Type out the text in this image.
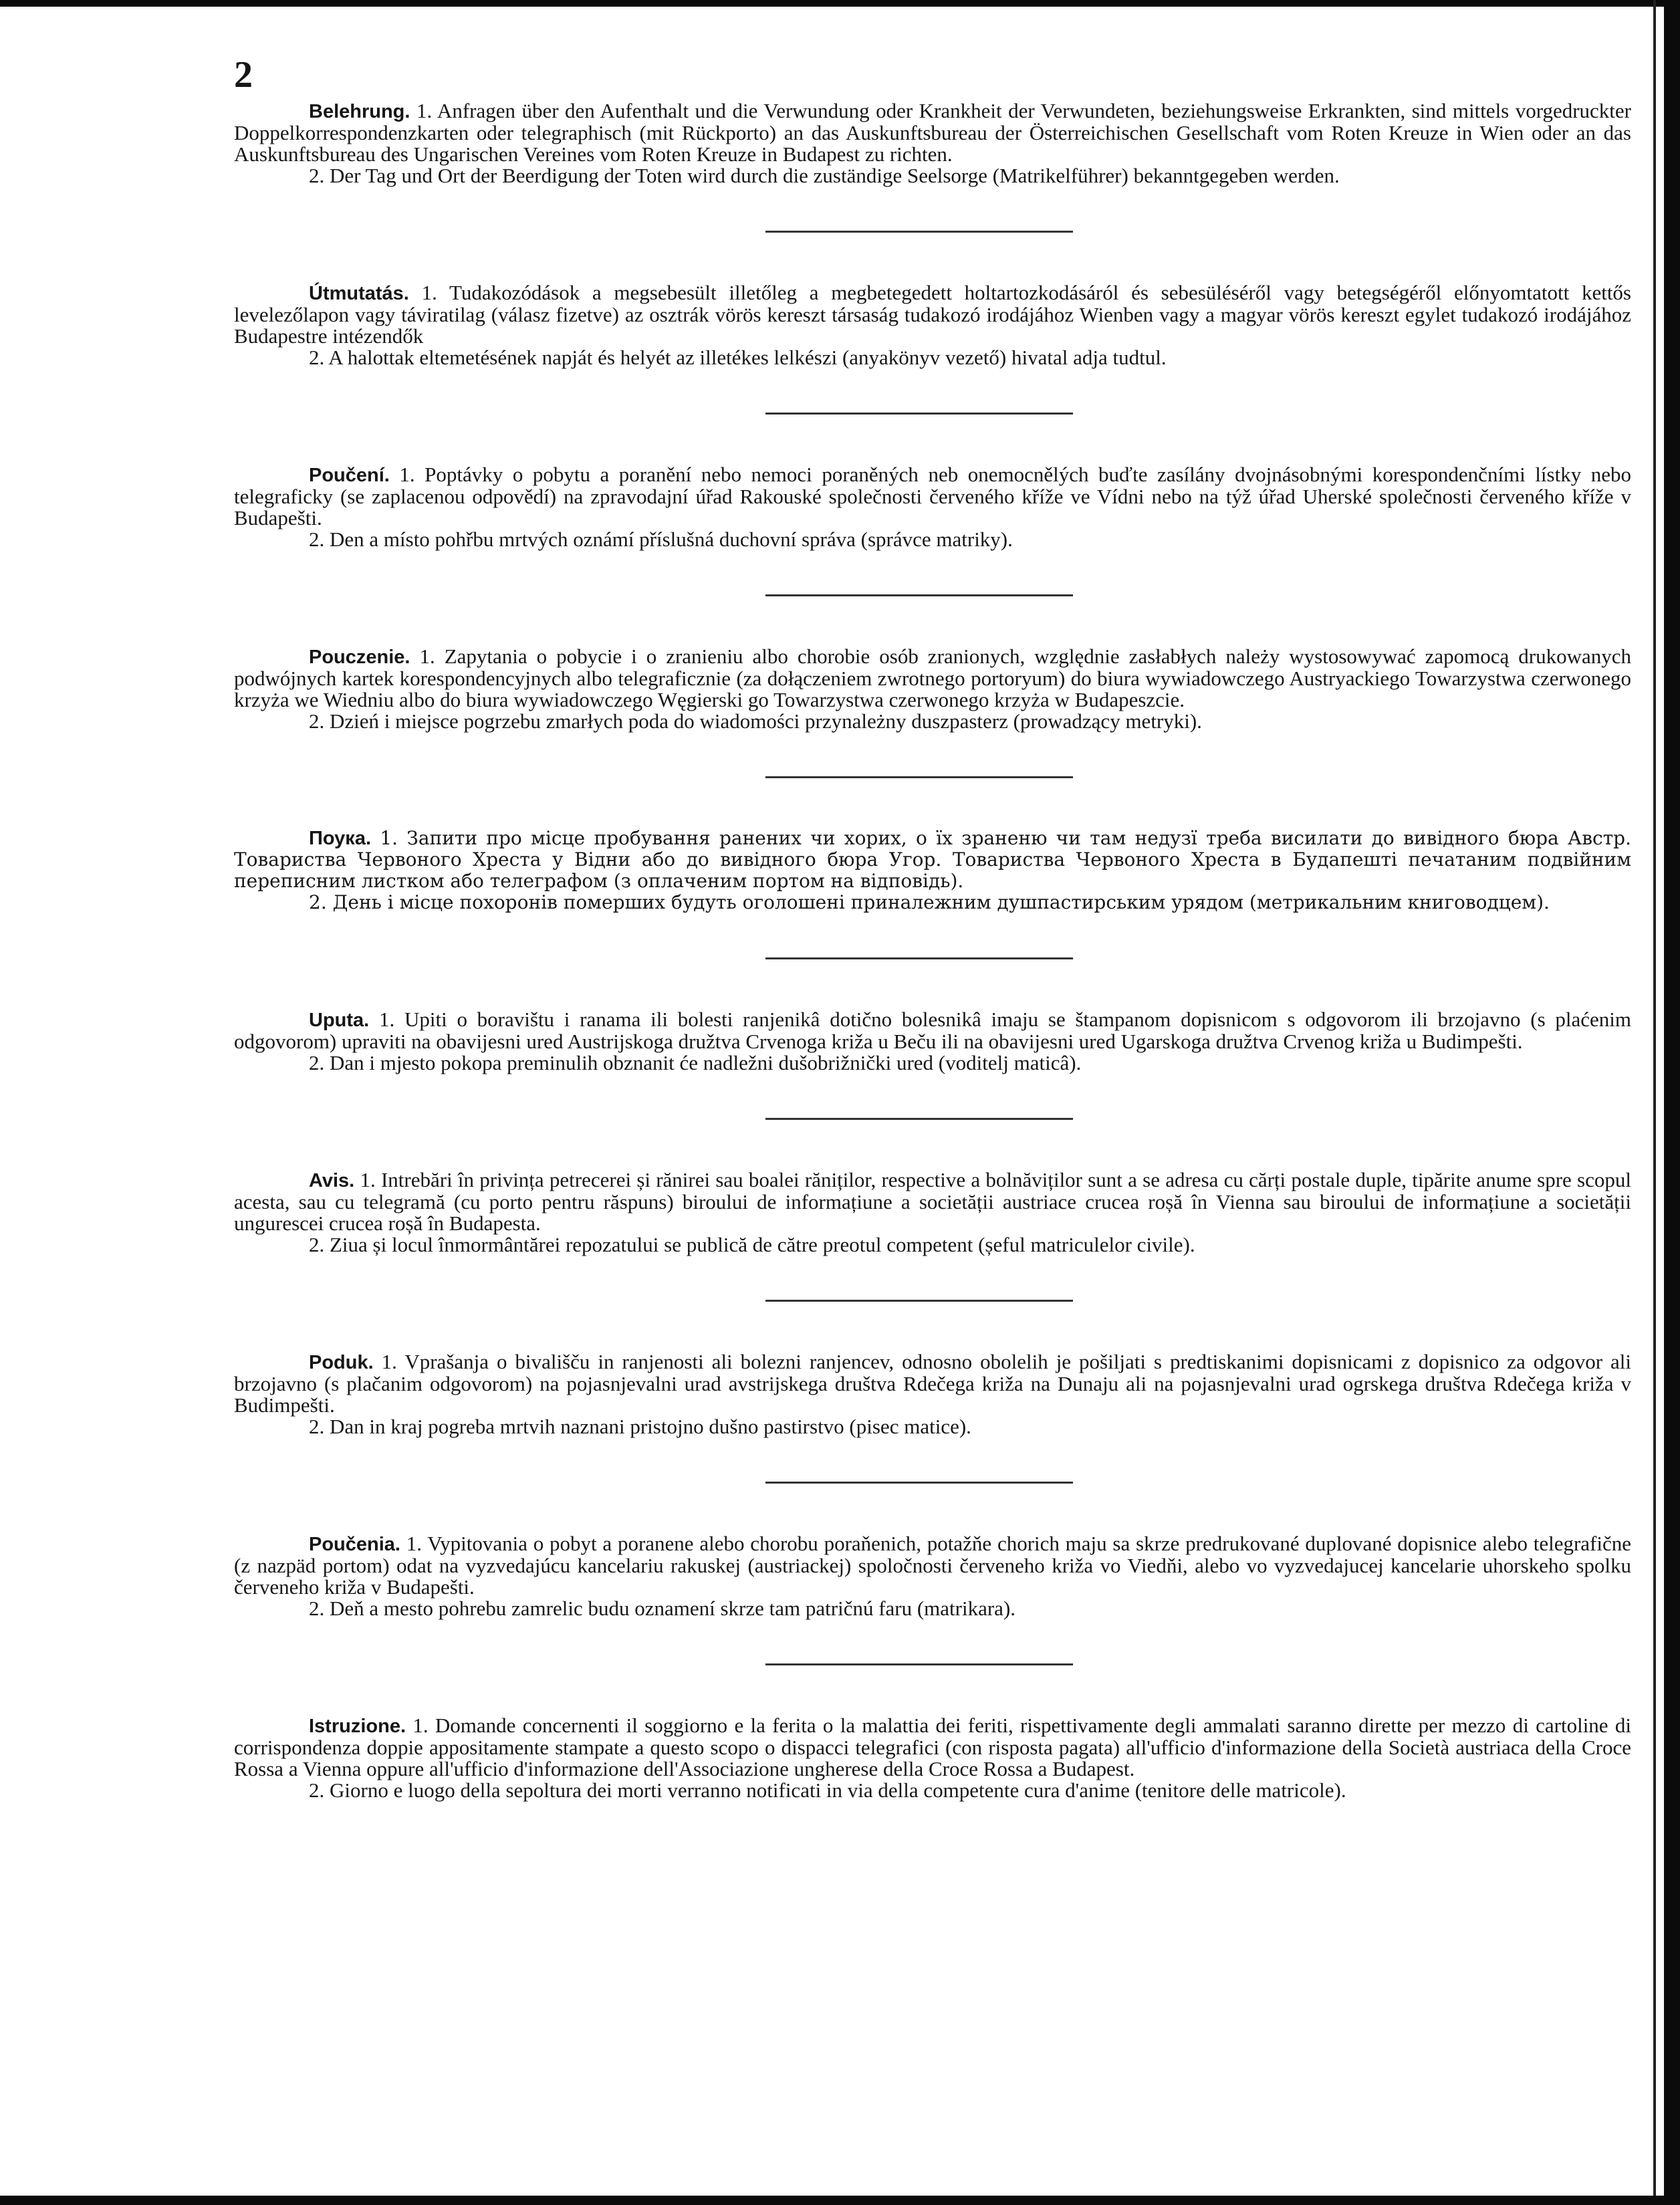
2

Belehrung. 1. Anfragen über den Aufenthalt und die Verwundung oder Krankheit der Verwundeten, beziehungsweise Erkrankten, sind mittels vorgedruckter Doppelkorrespondenzkarten oder telegraphisch (mit Rückporto) an das Auskunftsbureau der Österreichischen Gesellschaft vom Roten Kreuze in Wien oder an das Auskunftsbureau des Ungarischen Vereines vom Roten Kreuze in Budapest zu richten.

2. Der Tag und Ort der Beerdigung der Toten wird durch die zuständige Seelsorge (Matrikelführer) bekanntgegeben werden.

Útmutatás. 1. Tudakozódások a megsebesült illetőleg a megbetegedett holtartozkodásáról és sebesüléséről vagy betegségéről előnyomtatott kettős levelezőlapon vagy táviratilag (válasz fizetve) az osztrák vörös kereszt társaság tudakozó irodájához Wienben vagy a magyar vörös kereszt egylet tudakozó irodájához Budapestre intézendők

2. A halottak eltemetésének napját és helyét az illetékes lelkészi (anyakönyv vezető) hivatal adja tudtul.

Poučení. 1. Poptávky o pobytu a poranění nebo nemoci poraněných neb onemocnělých buďte zasílány dvojnásobnými korespondenčními lístky nebo telegraficky (se zaplacenou odpovědí) na zpravodajní úřad Rakouské společnosti červeného kříže ve Vídni nebo na týž úřad Uherské společnosti červeného kříže v Budapešti.

2. Den a místo pohřbu mrtvých oznámí příslušná duchovní správa (správce matriky).

Pouczenie. 1. Zapytania o pobycie i o zranieniu albo chorobie osób zranionych, względnie zasłabłych należy wystosowywać zapomocą drukowanych podwójnych kartek korespondencyjnych albo telegraficznie (za dołączeniem zwrotnego portoryum) do biura wywiadowczego Austryackiego Towarzystwa czerwonego krzyża we Wiedniu albo do biura wywiadowczego Węgierski go Towarzystwa czerwonego krzyża w Budapeszcie.

2. Dzień i miejsce pogrzebu zmarłych poda do wiadomości przynależny duszpasterz (prowadzący metryki).

Поука. 1. Запити про місце пробування ранених чи хорих, о їх зраненю чи там недузї треба висилати до вивідного бюра Австр. Товариства Червоного Хреста у Відни або до вивідного бюра Угор. Товариства Червоного Хреста в Будапешті печатаним подвійним переписним листком або телеграфом (з оплаченим портом на відповідь).

2. День і місце похоронів померших будуть оголошені приналежним душпастирським урядом (метрикальним книговодцем).

Uputa. 1. Upiti o boravištu i ranama ili bolesti ranjenikâ dotično bolesnikâ imaju se štampanom dopisnicom s odgovorom ili brzojavno (s plaćenim odgovorom) upraviti na obavijesni ured Austrijskoga družtva Crvenoga križa u Beču ili na obavijesni ured Ugarskoga družtva Crvenog križa u Budimpešti.

2. Dan i mjesto pokopa preminulih obznanit će nadležni dušobrižnički ured (voditelj maticâ).

Avis. 1. Intrebări în privința petrecerei și rănirei sau boalei răniților, respective a bolnăviților sunt a se adresa cu cărți postale duple, tipărite anume spre scopul acesta, sau cu telegramă (cu porto pentru răspuns) biroului de informațiune a societății austriace crucea roșă în Vienna sau biroului de informațiune a societății ungurescei crucea roșă în Budapesta.

2. Ziua și locul înmormântărei repozatului se publică de către preotul competent (șeful matriculelor civile).

Poduk. 1. Vprašanja o bivališču in ranjenosti ali bolezni ranjencev, odnosno obolelih je pošiljati s predtiskanimi dopisnicami z dopisnico za odgovor ali brzojavno (s plačanim odgovorom) na pojasnjevalni urad avstrijskega društva Rdečega križa na Dunaju ali na pojasnjevalni urad ogrskega društva Rdečega križa v Budimpešti.

2. Dan in kraj pogreba mrtvih naznani pristojno dušno pastirstvo (pisec matice).

Poučenia. 1. Vypitovania o pobyt a poranene alebo chorobu poraňenich, potažňe chorich maju sa skrze predrukované duplované dopisnice alebo telegrafične (z nazpäd portom) odat na vyzvedajúcu kancelariu rakuskej (austriackej) spoločnosti červeneho križa vo Viedňi, alebo vo vyzvedajucej kancelarie uhorskeho spolku červeneho križa v Budapešti.

2. Deň a mesto pohrebu zamrelic budu oznamení skrze tam patričnú faru (matrikara).

Istruzione. 1. Domande concernenti il soggiorno e la ferita o la malattia dei feriti, rispettivamente degli ammalati saranno dirette per mezzo di cartoline di corrispondenza doppie appositamente stampate a questo scopo o dispacci telegrafici (con risposta pagata) all'ufficio d'informazione della Società austriaca della Croce Rossa a Vienna oppure all'ufficio d'informazione dell'Associazione ungherese della Croce Rossa a Budapest.

2. Giorno e luogo della sepoltura dei morti verranno notificati in via della competente cura d'anime (tenitore delle matricole).
